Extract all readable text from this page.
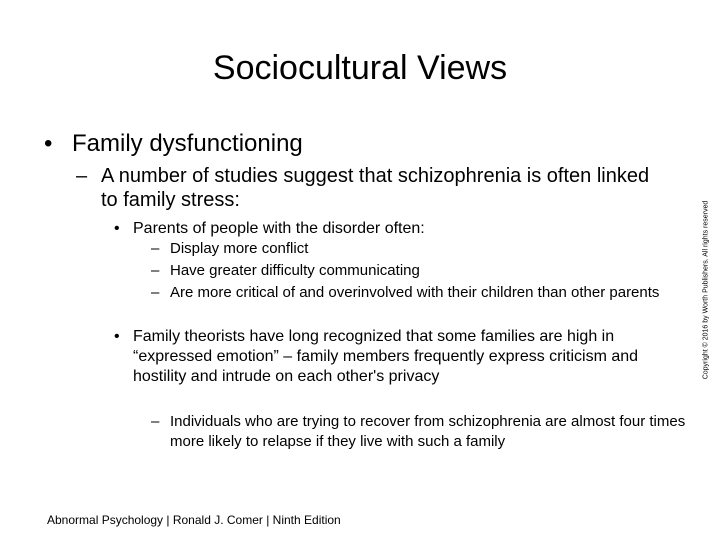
Sociocultural Views
• Family dysfunctioning
– A number of studies suggest that schizophrenia is often linked to family stress:
• Parents of people with the disorder often:
– Display more conflict
– Have greater difficulty communicating
– Are more critical of and overinvolved with their children than other parents
• Family theorists have long recognized that some families are high in “expressed emotion” – family members frequently express criticism and hostility and intrude on each other's privacy
– Individuals who are trying to recover from schizophrenia are almost four times more likely to relapse if they live with such a family
Abnormal Psychology | Ronald J. Comer | Ninth Edition
Copyright © 2016 by Worth Publishers. All rights reserved
